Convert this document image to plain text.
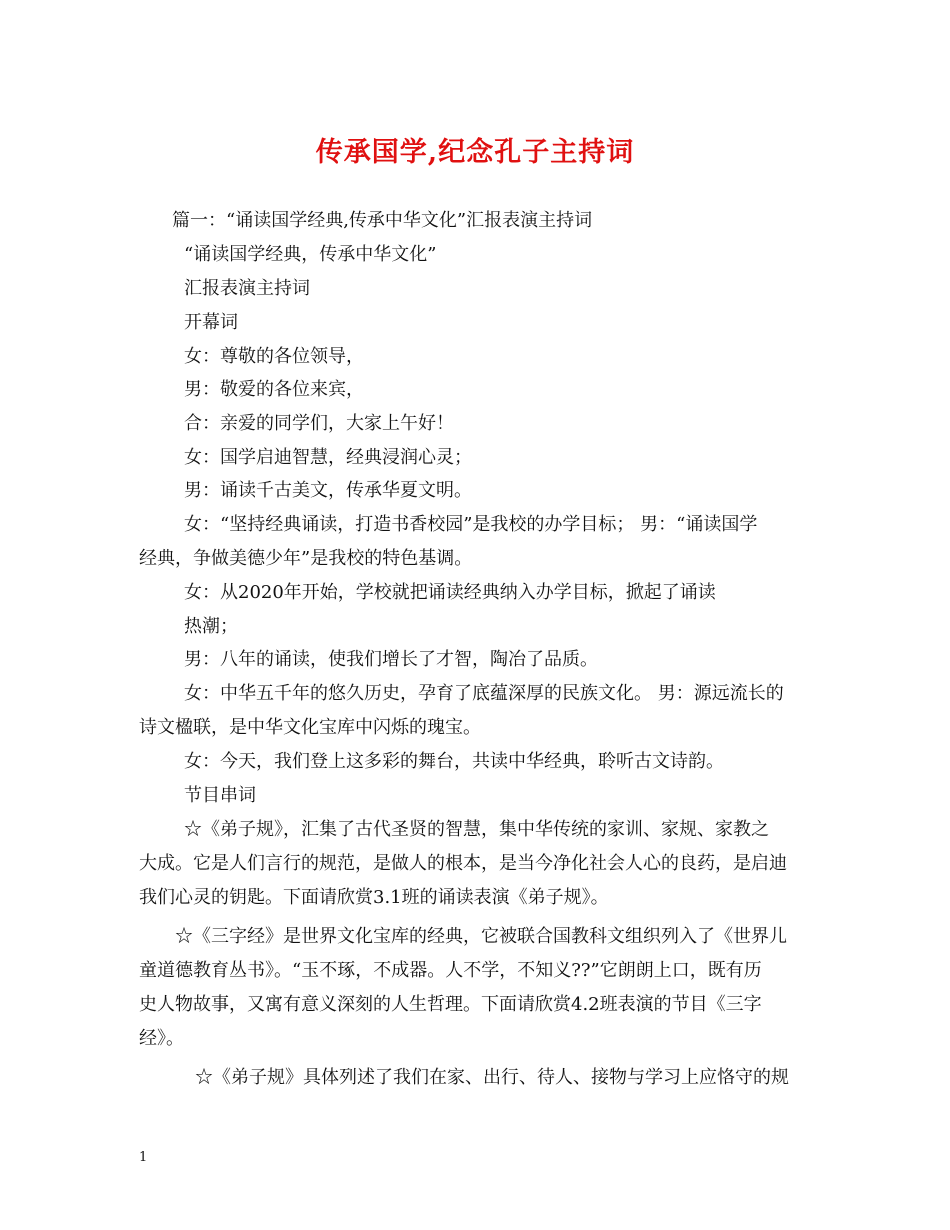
传承国学,纪念孔子主持词
篇一：“诵读国学经典,传承中华文化”汇报表演主持词
“诵读国学经典，传承中华文化”
汇报表演主持词
开幕词
女：尊敬的各位领导，
男：敬爱的各位来宾，
合：亲爱的同学们，大家上午好！
女：国学启迪智慧，经典浸润心灵；
男：诵读千古美文，传承华夏文明。
女：“坚持经典诵读，打造书香校园”是我校的办学目标； 男：“诵读国学
经典，争做美德少年”是我校的特色基调。
女：从2020年开始，学校就把诵读经典纳入办学目标，掀起了诵读
热潮；
男：八年的诵读，使我们增长了才智，陶冶了品质。
女：中华五千年的悠久历史，孕育了底蕴深厚的民族文化。 男：源远流长的
诗文楹联，是中华文化宝库中闪烁的瑰宝。
女：今天，我们登上这多彩的舞台，共读中华经典，聆听古文诗韵。
节目串词
☆《弟子规》，汇集了古代圣贤的智慧，集中华传统的家训、家规、家教之
大成。它是人们言行的规范，是做人的根本，是当今净化社会人心的良药，是启迪
我们心灵的钥匙。下面请欣赏3.1班的诵读表演《弟子规》。
☆《三字经》是世界文化宝库的经典，它被联合国教科文组织列入了《世界儿
童道德教育丛书》。“玉不琢，不成器。人不学，不知义??”它朗朗上口，既有历
史人物故事，又寓有意义深刻的人生哲理。下面请欣赏4.2班表演的节目《三字
经》。
☆《弟子规》具体列述了我们在家、出行、待人、接物与学习上应恪守的规
1
